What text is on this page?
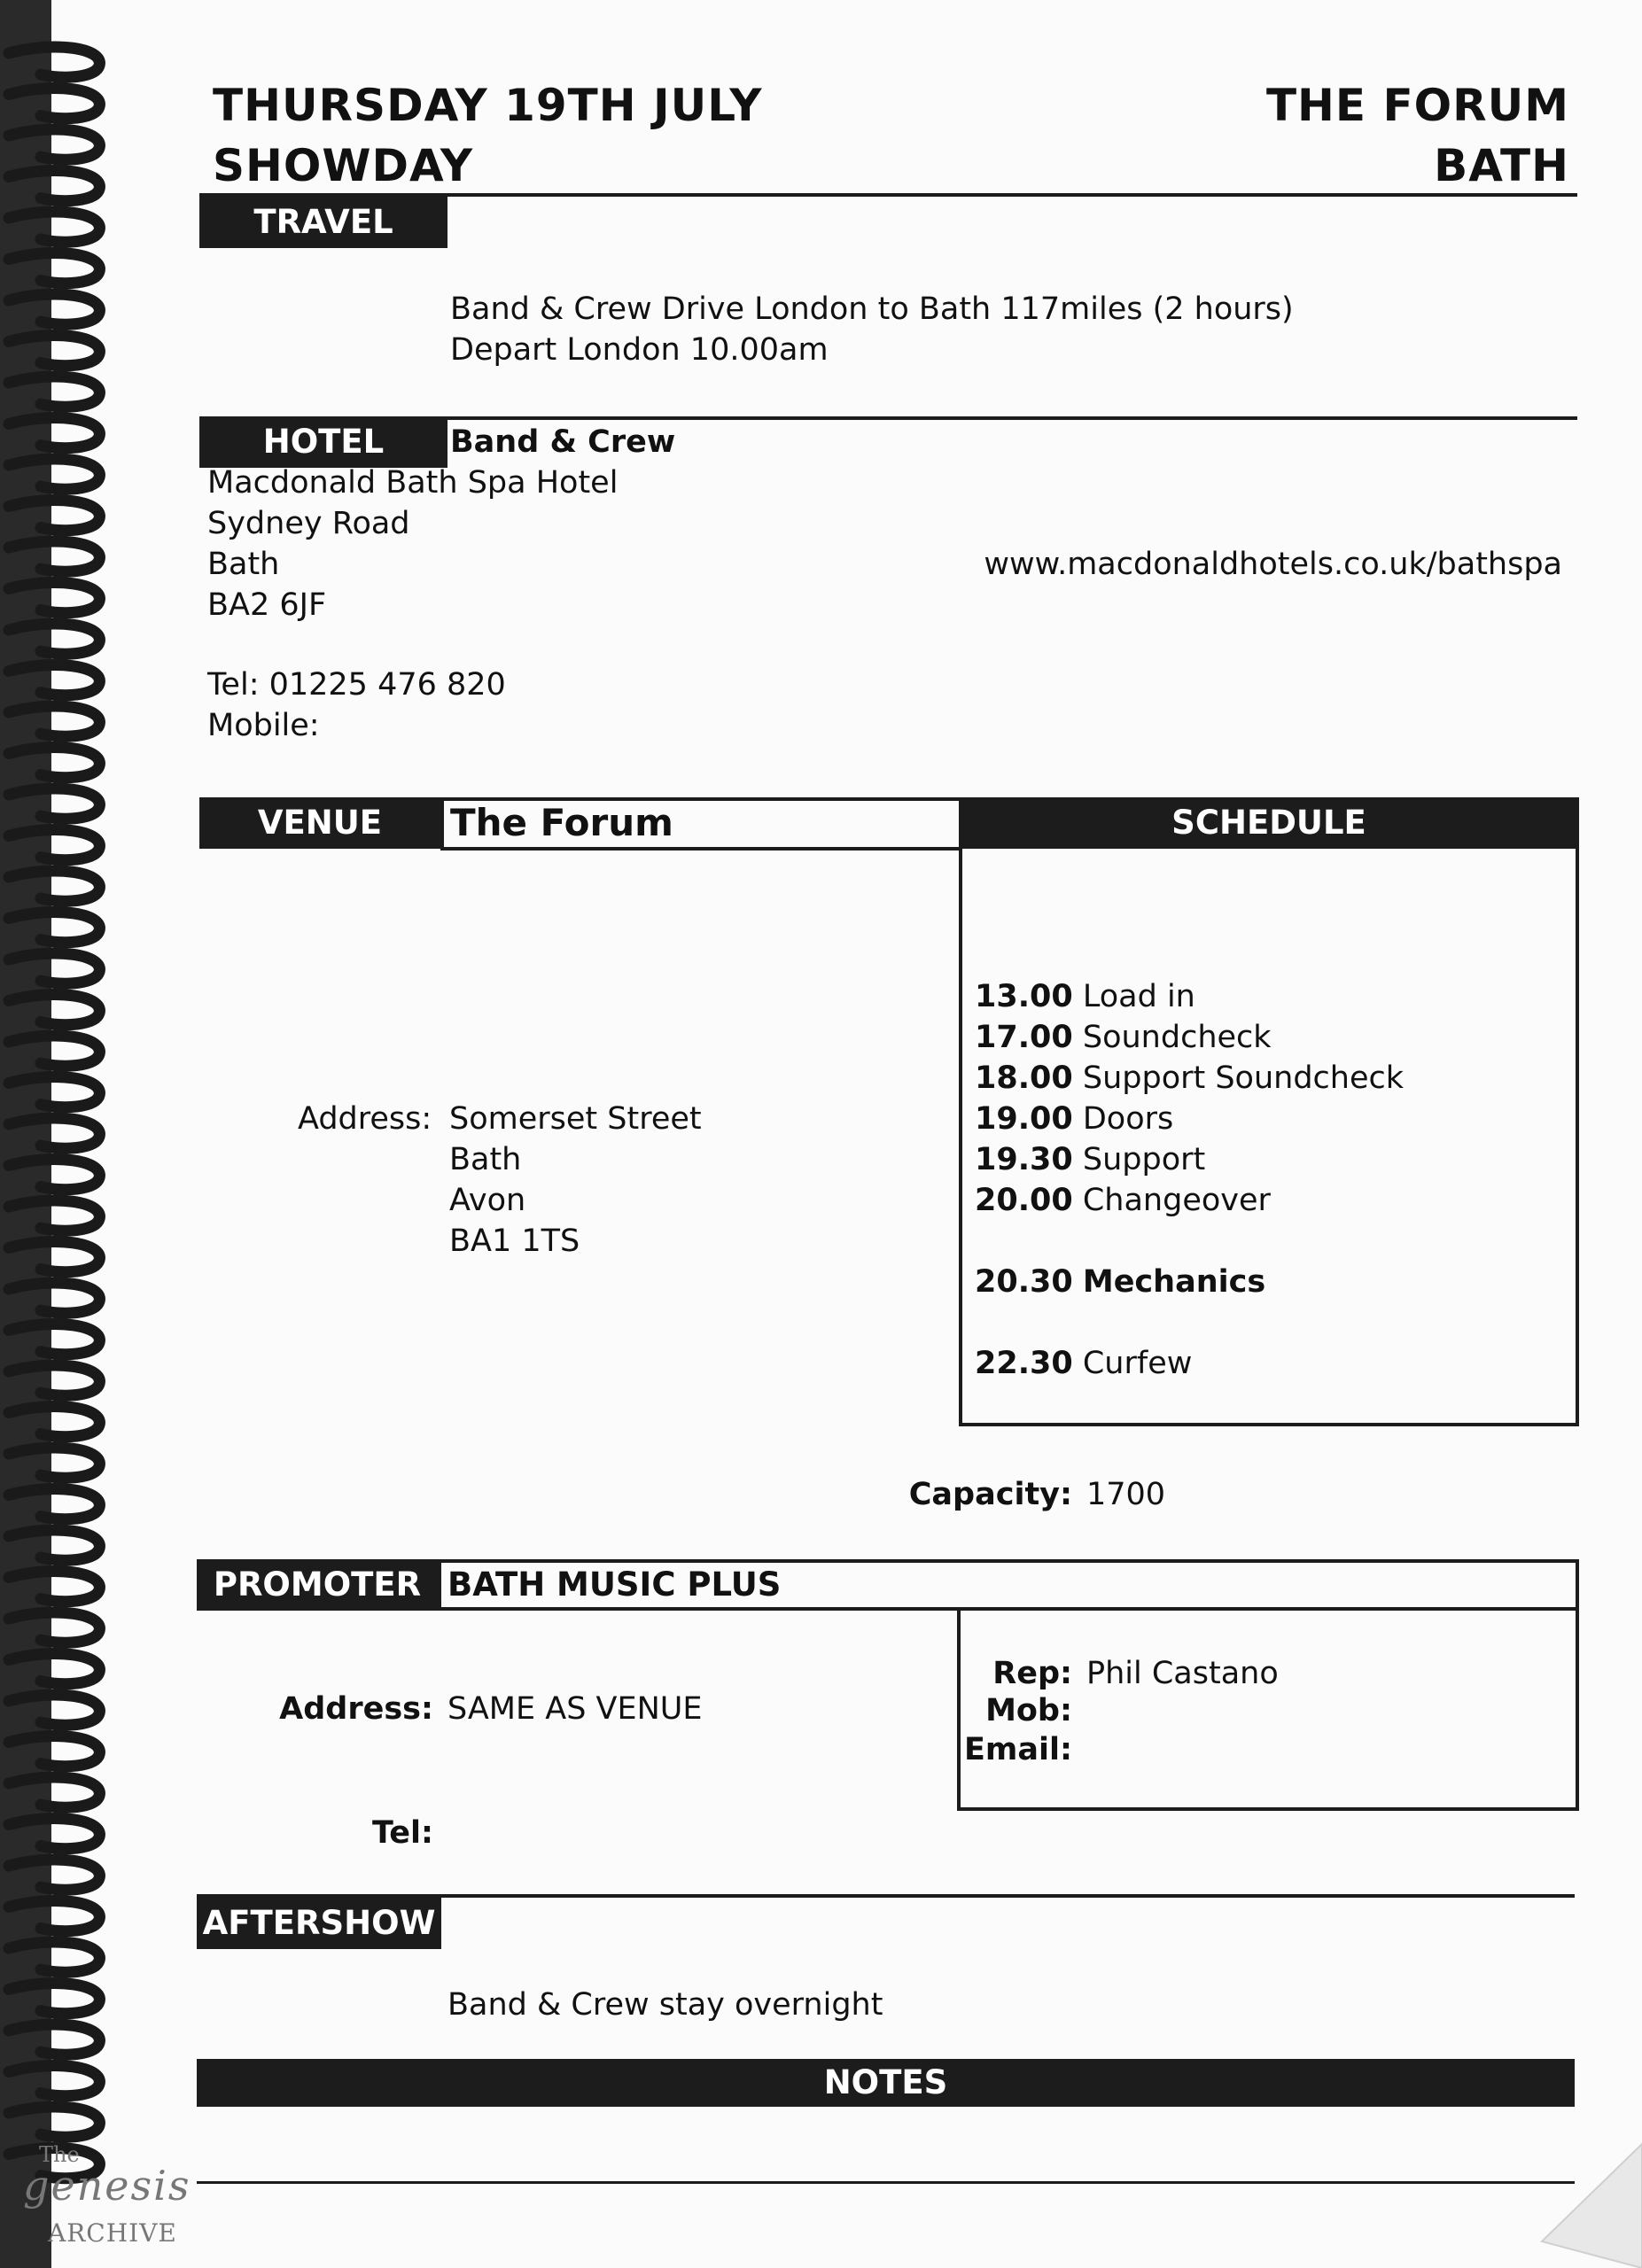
THURSDAY 19TH JULY
SHOWDAY
THE FORUM
BATH
TRAVEL
Band & Crew Drive London to Bath 117miles (2 hours)
Depart London 10.00am
HOTEL	Band & Crew
Macdonald Bath Spa Hotel
Sydney Road
Bath
BA2 6JF
www.macdonaldhotels.co.uk/bathspa
Tel: 01225 476 820
Mobile:
VENUE	The Forum
Address: Somerset Street
Bath
Avon
BA1 1TS
SCHEDULE
13.00 Load in
17.00 Soundcheck
18.00 Support Soundcheck
19.00 Doors
19.30 Support
20.00 Changeover
20.30 Mechanics
22.30 Curfew
Capacity: 1700
PROMOTER BATH MUSIC PLUS
Address: SAME AS VENUE
Tel:
Rep: Phil Castano
Mob:
Email:
AFTERSHOW
Band & Crew stay overnight
NOTES
The
genesis
ARCHIVE
